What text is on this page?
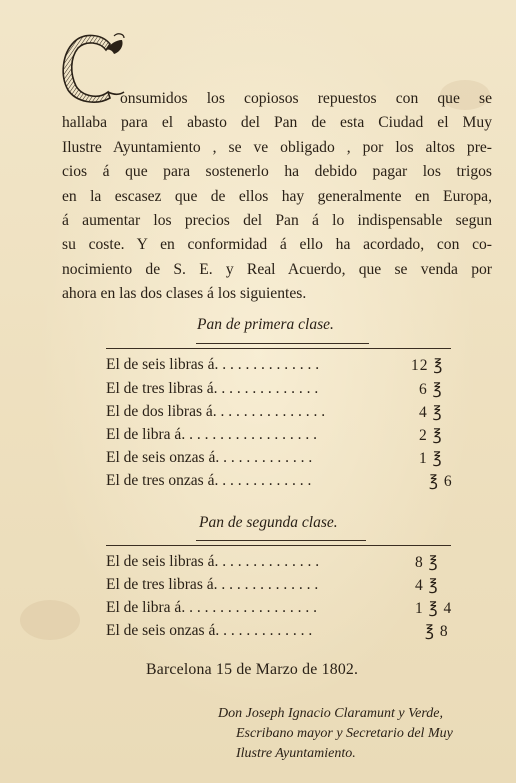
onsumidos los copiosos repuestos con que se
hallaba para el abasto del Pan de esta Ciudad el Muy
Ilustre Ayuntamiento , se ve obligado , por los altos pre-
cios á que para sostenerlo ha debido pagar los trigos
en la escasez que de ellos hay generalmente en Europa,
á aumentar los precios del Pan á lo indispensable segun
su coste. Y en conformidad á ello ha acordado, con co-
nocimiento de S. E. y Real Acuerdo, que se venda por
ahora en las dos clases á los siguientes.
Pan de primera clase.
El de seis libras á. . . . . . . . . . . . . .	12 ℥
El de tres libras á. . . . . . . . . . . . . .	6 ℥
El de dos libras á. . . . . . . . . . . . . . .	4 ℥
El de libra á. . . . . . . . . . . . . . . . . .	2 ℥
El de seis onzas á. . . . . . . . . . . . .	1 ℥
El de tres onzas á. . . . . . . . . . . . .	℥ 6
Pan de segunda clase.
El de seis libras á. . . . . . . . . . . . . .	8 ℥
El de tres libras á. . . . . . . . . . . . . .	4 ℥
El de libra á. . . . . . . . . . . . . . . . . .	1 ℥ 4
El de seis onzas á. . . . . . . . . . . . .	℥ 8
Barcelona 15 de Marzo de 1802.
Don Joseph Ignacio Claramunt y Verde,
Escribano mayor y Secretario del Muy
Ilustre Ayuntamiento.
